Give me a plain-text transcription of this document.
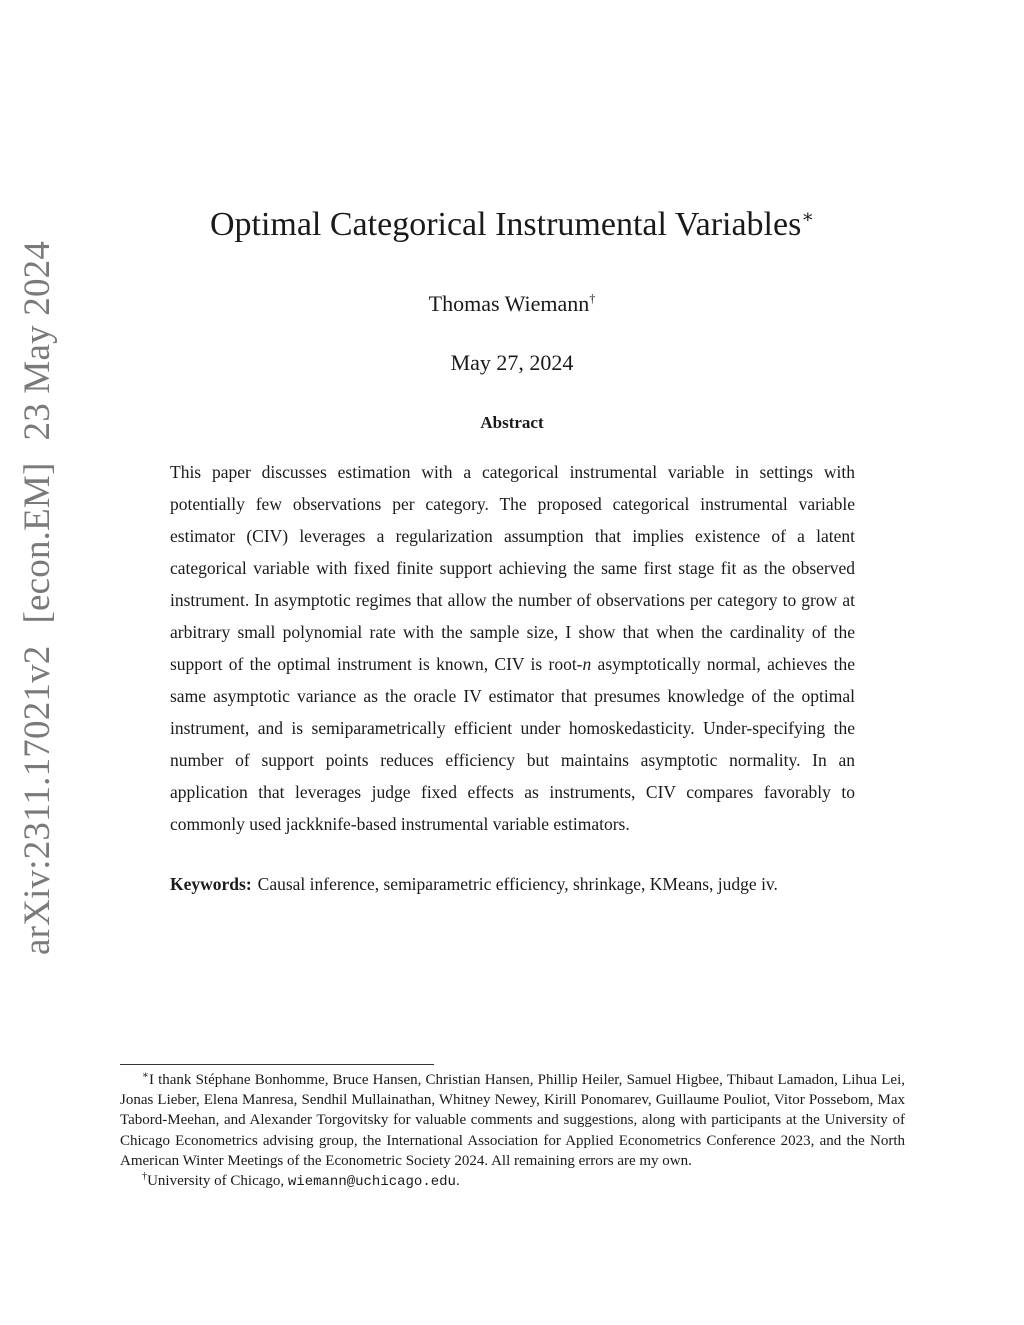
arXiv:2311.17021v2[econ.EM]23 May 2024
Optimal Categorical Instrumental Variables∗
Thomas Wiemann†
May 27, 2024
Abstract

This paper discusses estimation with a categorical instrumental variable in settings with potentially few observations per category. The proposed categorical instrumental variable estimator (CIV) leverages a regularization assumption that implies existence of a latent categorical variable with fixed finite support achieving the same first stage fit as the observed instrument. In asymptotic regimes that allow the number of observations per category to grow at arbitrary small polynomial rate with the sample size, I show that when the cardinality of the support of the optimal instrument is known, CIV is root-n asymptotically normal, achieves the same asymptotic variance as the oracle IV estimator that presumes knowledge of the optimal instrument, and is semiparametrically efficient under homoskedasticity. Under-specifying the number of support points reduces efficiency but maintains asymptotic normality. In an application that leverages judge fixed effects as instruments, CIV compares favorably to commonly used jackknife-based instrumental variable estimators.

Keywords: Causal inference, semiparametric efficiency, shrinkage, KMeans, judge iv.

∗I thank Stéphane Bonhomme, Bruce Hansen, Christian Hansen, Phillip Heiler, Samuel Higbee, Thibaut Lamadon, Lihua Lei, Jonas Lieber, Elena Manresa, Sendhil Mullainathan, Whitney Newey, Kirill Ponomarev, Guillaume Pouliot, Vitor Possebom, Max Tabord-Meehan, and Alexander Torgovitsky for valuable comments and suggestions, along with participants at the University of Chicago Econometrics advising group, the International Association for Applied Econometrics Conference 2023, and the North American Winter Meetings of the Econometric Society 2024. All remaining errors are my own.

†University of Chicago, wiemann@uchicago.edu.
